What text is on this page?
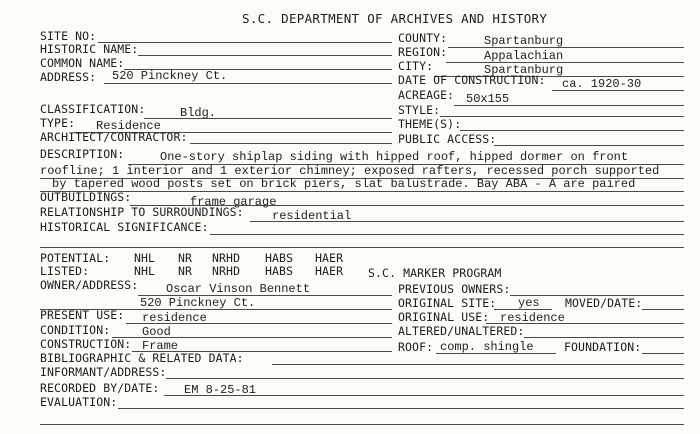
S.C. DEPARTMENT OF ARCHIVES AND HISTORY
SITE NO:
HISTORIC NAME:
COMMON NAME:
ADDRESS: 520 Pinckney Ct.
COUNTY:	Spartanburg
REGION:	Appalachian
CITY:	Spartanburg
DATE OF CONSTRUCTION: ca. 1920-30
ACREAGE: 50x155
CLASSIFICATION:	Bldg.	STYLE:
TYPE: Residence	THEME(S):
ARCHITECT/CONTRACTOR:	PUBLIC ACCESS:
DESCRIPTION:	One-story shiplap siding with hipped roof, hipped dormer on front
roofline; 1 interior and 1 exterior chimney; exposed rafters, recessed porch supported
by tapered wood posts set on brick piers, slat balustrade. Bay ABA - A are paired
OUTBUILDINGS:	frame garage
RELATIONSHIP TO SURROUNDINGS: residential
HISTORICAL SIGNIFICANCE:
POTENTIAL: NHL NR NRHD HABS HAER
LISTED:	NHL NR NRHD HABS HAER S.C. MARKER PROGRAM
OWNER/ADDRESS: Oscar Vinson Bennett
520 Pinckney Ct.
PREVIOUS OWNERS:
ORIGINAL SITE: yes MOVED/DATE:
PRESENT USE: residence	ORIGINAL USE: residence
CONDITION:	Good	ALTERED/UNALTERED:
CONSTRUCTION: Frame	ROOF: comp. shingle	FOUNDATION:
BIBLIOGRAPHIC & RELATED DATA:
INFORMANT/ADDRESS:
RECORDED BY/DATE: EM 8-25-81
EVALUATION:
